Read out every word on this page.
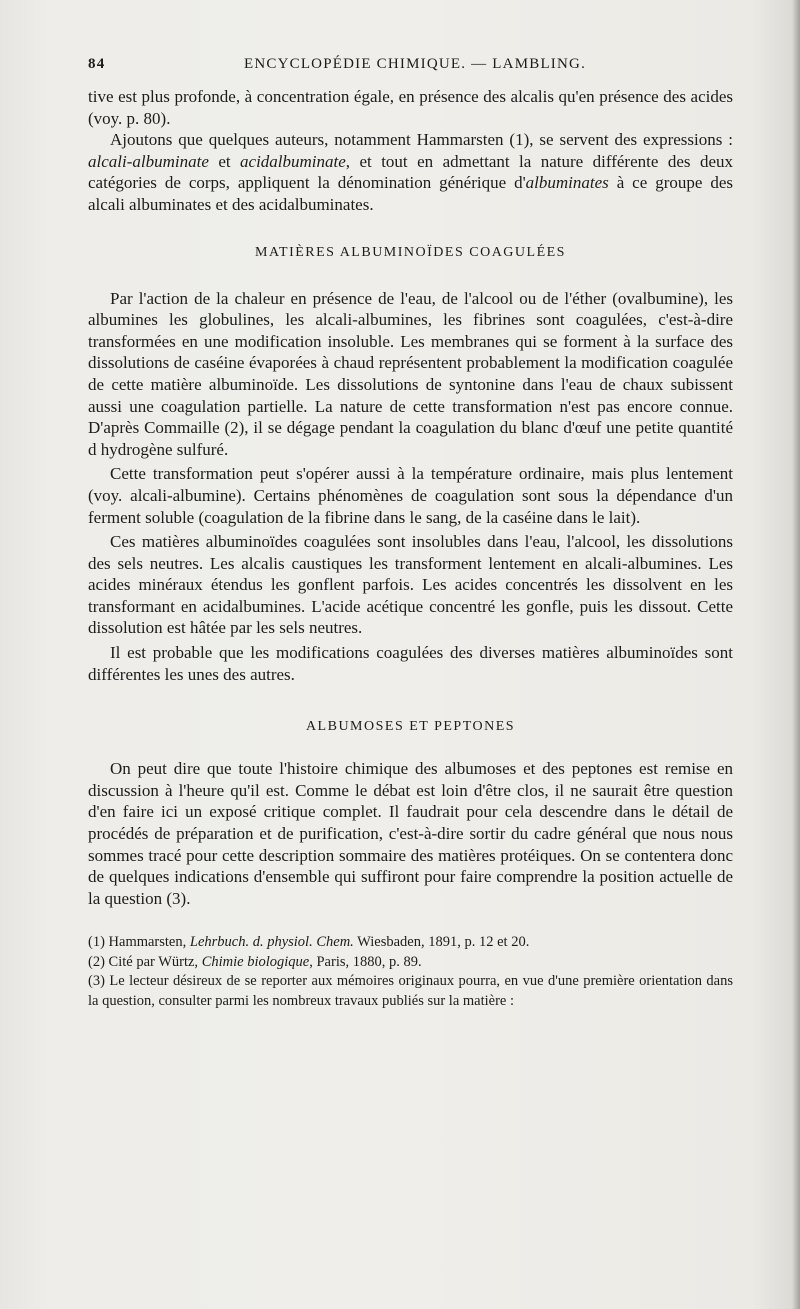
84	ENCYCLOPÉDIE CHIMIQUE. — LAMBLING.

tive est plus profonde, à concentration égale, en présence des alcalis qu'en présence des acides (voy. p. 80).

Ajoutons que quelques auteurs, notamment Hammarsten (1), se servent des expressions : alcali-albuminate et acidalbuminate, et tout en admettant la nature différente des deux catégories de corps, appliquent la dénomination générique d'albuminates à ce groupe des alcali albuminates et des acidalbuminates.

MATIÈRES ALBUMINOÏDES COAGULÉES

Par l'action de la chaleur en présence de l'eau, de l'alcool ou de l'éther (ovalbumine), les albumines les globulines, les alcali-albumines, les fibrines sont coagulées, c'est-à-dire transformées en une modification insoluble. Les membranes qui se forment à la surface des dissolutions de caséine évaporées à chaud représentent probablement la modification coagulée de cette matière albuminoïde. Les dissolutions de syntonine dans l'eau de chaux subissent aussi une coagulation partielle. La nature de cette transformation n'est pas encore connue. D'après Commaille (2), il se dégage pendant la coagulation du blanc d'œuf une petite quantité d hydrogène sulfuré.

Cette transformation peut s'opérer aussi à la température ordinaire, mais plus lentement (voy. alcali-albumine). Certains phénomènes de coagulation sont sous la dépendance d'un ferment soluble (coagulation de la fibrine dans le sang, de la caséine dans le lait).

Ces matières albuminoïdes coagulées sont insolubles dans l'eau, l'alcool, les dissolutions des sels neutres. Les alcalis caustiques les transforment lentement en alcali-albumines. Les acides minéraux étendus les gonflent parfois. Les acides concentrés les dissolvent en les transformant en acidalbumines. L'acide acétique concentré les gonfle, puis les dissout. Cette dissolution est hâtée par les sels neutres.

Il est probable que les modifications coagulées des diverses matières albuminoïdes sont différentes les unes des autres.

ALBUMOSES ET PEPTONES

On peut dire que toute l'histoire chimique des albumoses et des peptones est remise en discussion à l'heure qu'il est. Comme le débat est loin d'être clos, il ne saurait être question d'en faire ici un exposé critique complet. Il faudrait pour cela descendre dans le détail de procédés de préparation et de purification, c'est-à-dire sortir du cadre général que nous nous sommes tracé pour cette description sommaire des matières protéiques. On se contentera donc de quelques indications d'ensemble qui suffiront pour faire comprendre la position actuelle de la question (3).

(1) Hammarsten, Lehrbuch. d. physiol. Chem. Wiesbaden, 1891, p. 12 et 20.

(2) Cité par Würtz, Chimie biologique, Paris, 1880, p. 89.

(3) Le lecteur désireux de se reporter aux mémoires originaux pourra, en vue d'une première orientation dans la question, consulter parmi les nombreux travaux publiés sur la matière :
